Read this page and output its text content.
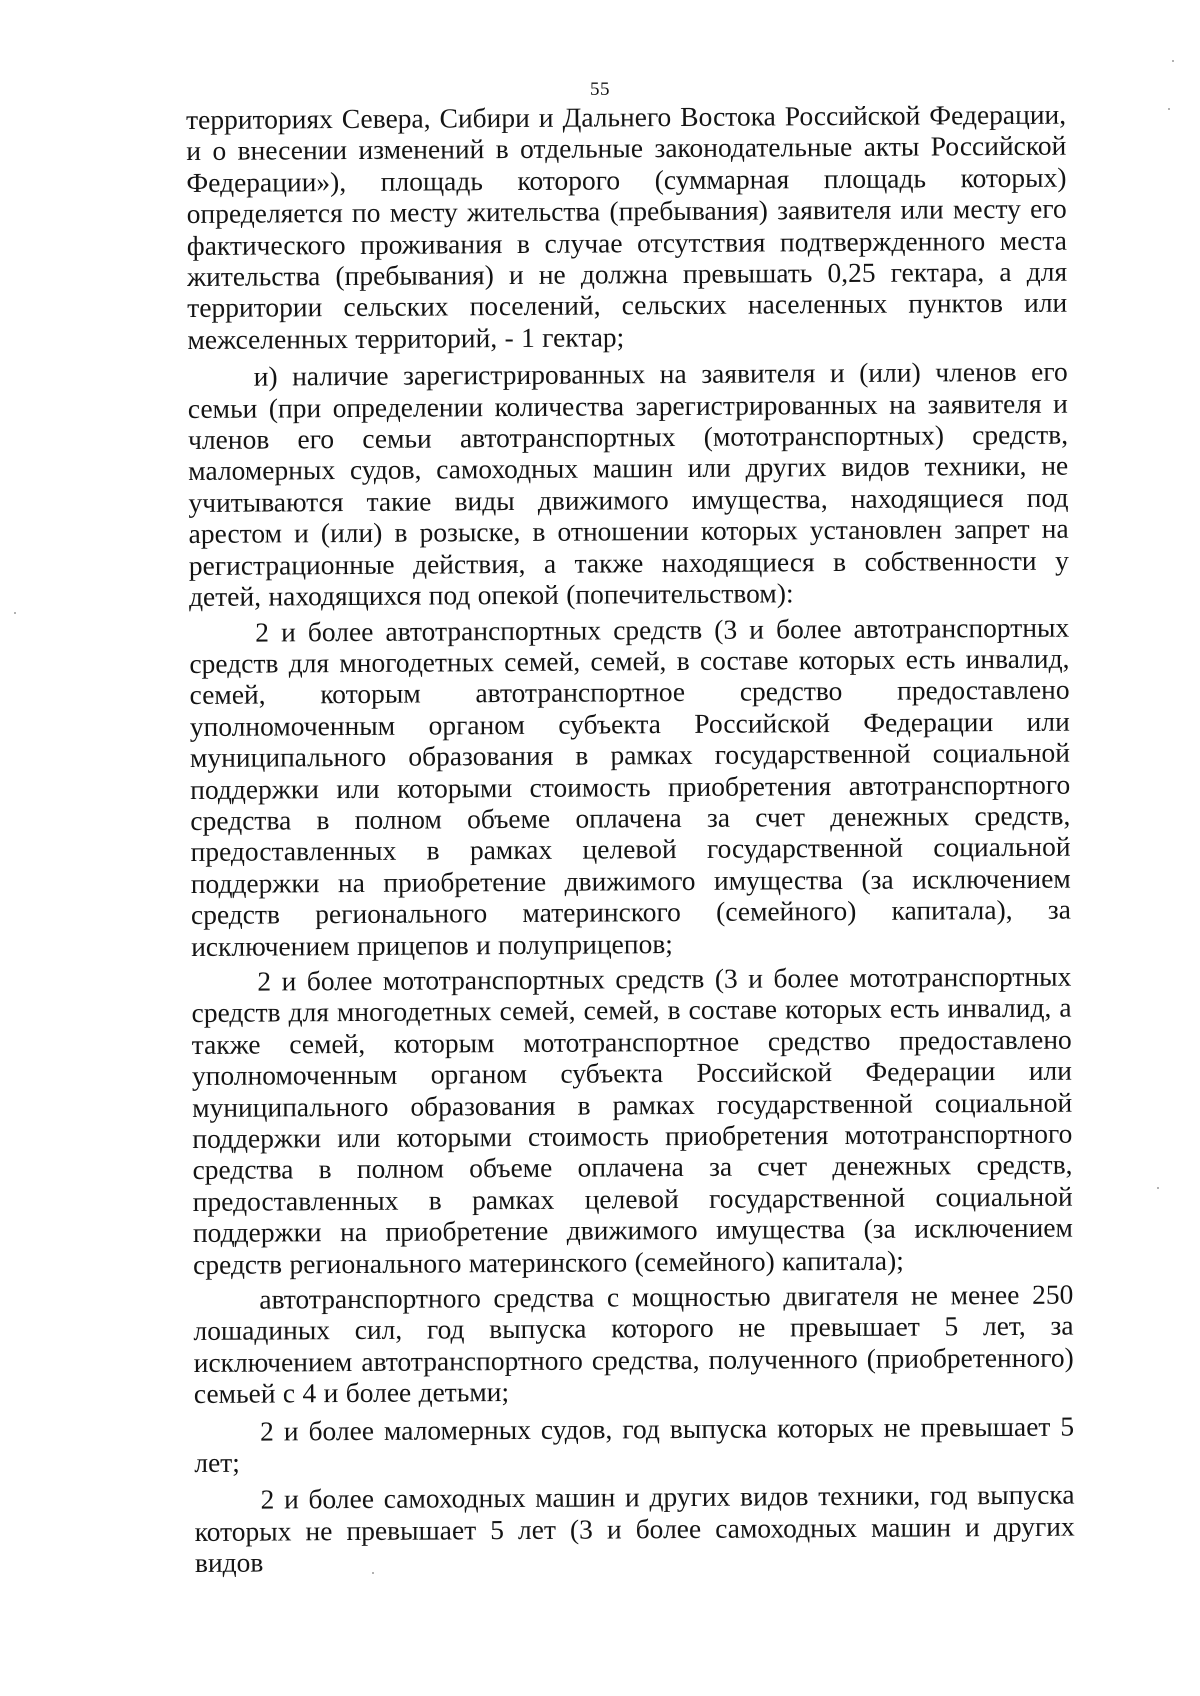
55

территориях Севера, Сибири и Дальнего Востока Российской Федерации, и о внесении изменений в отдельные законодательные акты Российской Федерации»), площадь которого (суммарная площадь которых) определяется по месту жительства (пребывания) заявителя или месту его фактического проживания в случае отсутствия подтвержденного места жительства (пребывания) и не должна превышать 0,25 гектара, а для территории сельских поселений, сельских населенных пунктов или межселенных территорий, - 1 гектар;

и) наличие зарегистрированных на заявителя и (или) членов его семьи (при определении количества зарегистрированных на заявителя и членов его семьи автотранспортных (мототранспортных) средств, маломерных судов, самоходных машин или других видов техники, не учитываются такие виды движимого имущества, находящиеся под арестом и (или) в розыске, в отношении которых установлен запрет на регистрационные действия, а также находящиеся в собственности у детей, находящихся под опекой (попечительством):

2 и более автотранспортных средств (3 и более автотранспортных средств для многодетных семей, семей, в составе которых есть инвалид, семей, которым автотранспортное средство предоставлено уполномоченным органом субъекта Российской Федерации или муниципального образования в рамках государственной социальной поддержки или которыми стоимость приобретения автотранспортного средства в полном объеме оплачена за счет денежных средств, предоставленных в рамках целевой государственной социальной поддержки на приобретение движимого имущества (за исключением средств регионального материнского (семейного) капитала), за исключением прицепов и полуприцепов;

2 и более мототранспортных средств (3 и более мототранспортных средств для многодетных семей, семей, в составе которых есть инвалид, а также семей, которым мототранспортное средство предоставлено уполномоченным органом субъекта Российской Федерации или муниципального образования в рамках государственной социальной поддержки или которыми стоимость приобретения мототранспортного средства в полном объеме оплачена за счет денежных средств, предоставленных в рамках целевой государственной социальной поддержки на приобретение движимого имущества (за исключением средств регионального материнского (семейного) капитала);

автотранспортного средства с мощностью двигателя не менее 250 лошадиных сил, год выпуска которого не превышает 5 лет, за исключением автотранспортного средства, полученного (приобретенного) семьей с 4 и более детьми;

2 и более маломерных судов, год выпуска которых не превышает 5 лет;

2 и более самоходных машин и других видов техники, год выпуска которых не превышает 5 лет (3 и более самоходных машин и других видов
